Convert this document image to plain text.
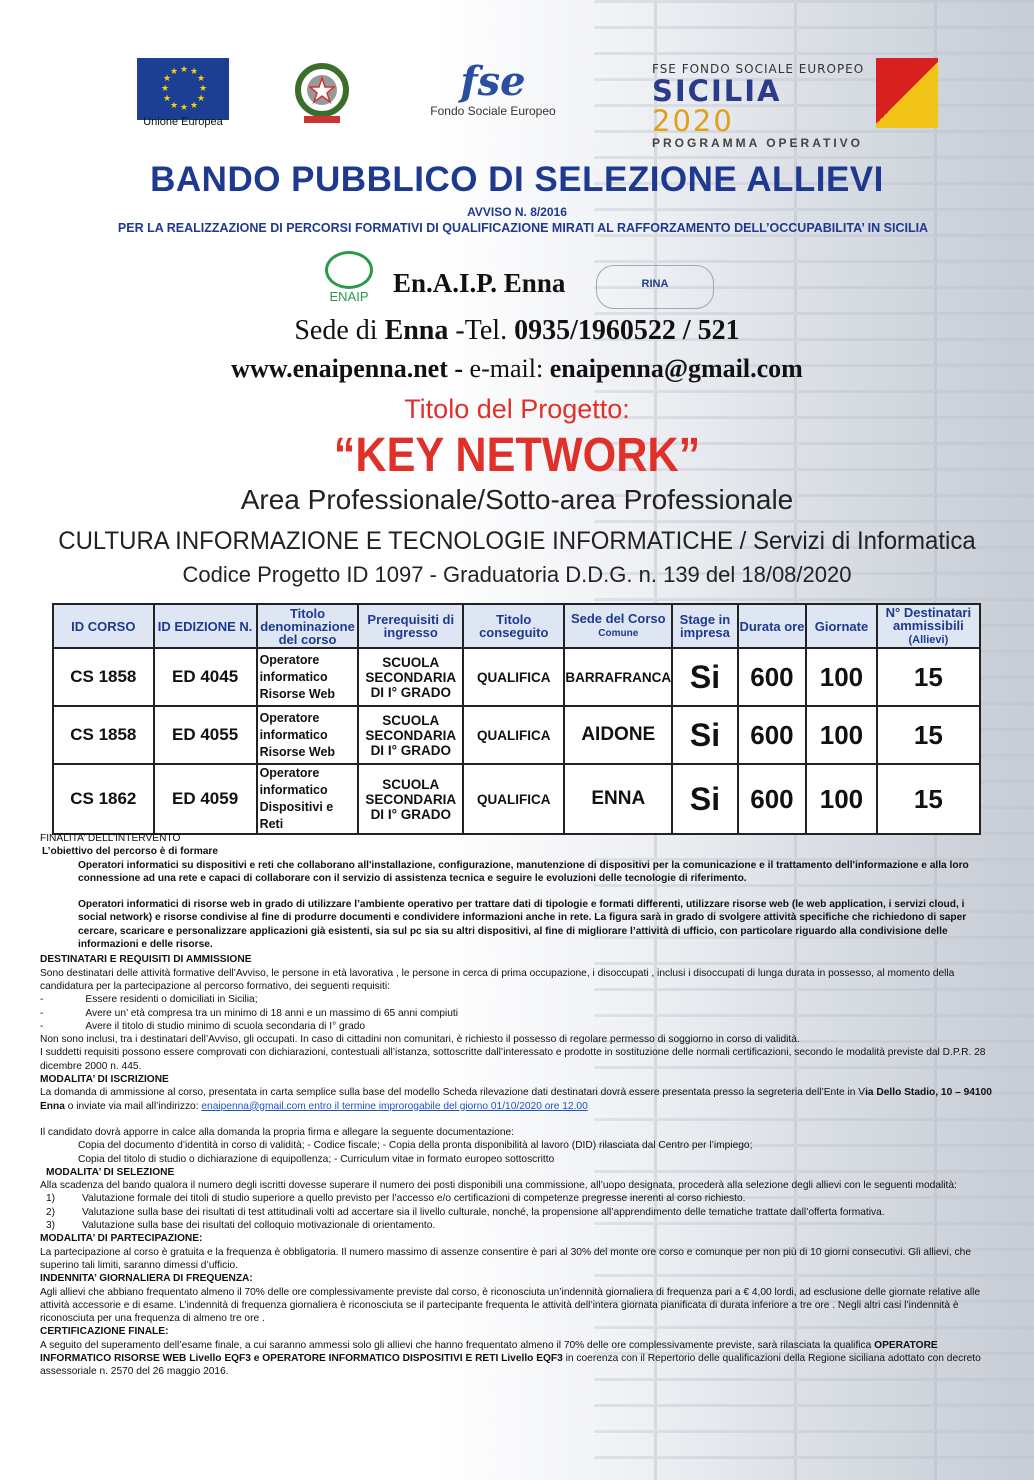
★ ★
★
★
★
★
★
★
★
★
★
★
Unione Europea
fse
Fondo Sociale Europeo
FSE FONDO SOCIALE EUROPEO
SICILIA 2020
PROGRAMMA OPERATIVO
BANDO PUBBLICO DI SELEZIONE ALLIEVI
AVVISO N. 8/2016
PER LA REALIZZAZIONE DI PERCORSI FORMATIVI DI QUALIFICAZIONE MIRATI AL RAFFORZAMENTO DELL’OCCUPABILITA’ IN SICILIA
ENAIP En.A.I.P. Enna	RINA
Sede di Enna -Tel. 0935/1960522 / 521
www.enaipenna.net - e-mail: enaipenna@gmail.com
Titolo del Progetto:
“KEY NETWORK”
Area Professionale/Sotto-area Professionale
CULTURA INFORMAZIONE E TECNOLOGIE INFORMATICHE / Servizi di Informatica
Codice Progetto ID 1097 - Graduatoria D.D.G. n. 139 del 18/08/2020
ID CORSO	ID EDIZIONE N.	Titolo denominazione del corso	Prerequisiti di ingresso	Titolo conseguito	Sede del Corso
Comune	Stage in impresa	Durata ore	Giornate	N° Destinatari ammissibili
(Allievi)
CS 1858	ED 4045	Operatore informatico Risorse Web	SCUOLA SECONDARIA DI I° GRADO	QUALIFICA	BARRAFRANCA	Si	600	100	15
CS 1858	ED 4055	Operatore informatico Risorse Web	SCUOLA SECONDARIA DI I° GRADO	QUALIFICA	AIDONE	Si	600	100	15
CS 1862	ED 4059	Operatore informatico Dispositivi e Reti	SCUOLA SECONDARIA DI I° GRADO	QUALIFICA	ENNA	Si	600	100	15

FINALITA’ DELL’INTERVENTO

L’obiettivo del percorso è di formare

Operatori informatici su dispositivi e reti che collaborano all'installazione, configurazione, manutenzione di dispositivi per la comunicazione e il trattamento dell'informazione e alla loro connessione ad una rete e capaci di collaborare con il servizio di assistenza tecnica e seguire le evoluzioni delle tecnologie di riferimento.

Operatori informatici di risorse web in grado di utilizzare l’ambiente operativo per trattare dati di tipologie e formati differenti, utilizzare risorse web (le web application, i servizi cloud, i social network) e risorse condivise al fine di produrre documenti e condividere informazioni anche in rete. La figura sarà in grado di svolgere attività specifiche che richiedono di saper cercare, scaricare e personalizzare applicazioni già esistenti, sia sul pc sia su altri dispositivi, al fine di migliorare l’attività di ufficio, con particolare riguardo alla condivisione delle informazioni e delle risorse.

DESTINATARI E REQUISITI DI AMMISSIONE

Sono destinatari delle attività formative dell’Avviso, le persone in età lavorativa , le persone in cerca di prima occupazione, i disoccupati , inclusi i disoccupati di lunga durata in possesso, al momento della candidatura per la partecipazione al percorso formativo, dei seguenti requisiti:

-	Essere residenti o domiciliati in Sicilia;

-	Avere un’ età compresa tra un minimo di 18 anni e un massimo di 65 anni compiuti

-	Avere il titolo di studio minimo di scuola secondaria di I° grado

Non sono inclusi, tra i destinatari dell’Avviso, gli occupati. In caso di cittadini non comunitari, è richiesto il possesso di regolare permesso di soggiorno in corso di validità.

I suddetti requisiti possono essere comprovati con dichiarazioni, contestuali all’istanza, sottoscritte dall’interessato e prodotte in sostituzione delle normali certificazioni, secondo le modalità previste dal D.P.R. 28 dicembre 2000 n. 445.

MODALITA’ DI ISCRIZIONE

La domanda di ammissione al corso, presentata in carta semplice sulla base del modello Scheda rilevazione dati destinatari dovrà essere presentata presso la segreteria dell’Ente in Via Dello Stadio, 10 – 94100 Enna o inviate via mail all’indirizzo: enaipenna@gmail.com entro il termine improrogabile del giorno 01/10/2020 ore 12.00

Il candidato dovrà apporre in calce alla domanda la propria firma e allegare la seguente documentazione:

Copia del documento d’identità in corso di validità; - Codice fiscale; - Copia della pronta disponibilità al lavoro (DID) rilasciata dal Centro per l’impiego;

Copia del titolo di studio o dichiarazione di equipollenza; - Curriculum vitae in formato europeo sottoscritto

MODALITA’ DI SELEZIONE

Alla scadenza del bando qualora il numero degli iscritti dovesse superare il numero dei posti disponibili una commissione, all’uopo designata, procederà alla selezione degli allievi con le seguenti modalità:

1)	Valutazione formale dei titoli di studio superiore a quello previsto per l’accesso e/o certificazioni di competenze pregresse inerenti al corso richiesto.

2)	Valutazione sulla base dei risultati di test attitudinali volti ad accertare sia il livello culturale, nonché, la propensione all’apprendimento delle tematiche trattate dall’offerta formativa.

3)	Valutazione sulla base dei risultati del colloquio motivazionale di orientamento.

MODALITA’ DI PARTECIPAZIONE:

La partecipazione al corso è gratuita e la frequenza è obbligatoria. Il numero massimo di assenze consentire è pari al 30% del monte ore corso e comunque per non più di 10 giorni consecutivi. Gli allievi, che superino tali limiti, saranno dimessi d’ufficio.

INDENNITA’ GIORNALIERA DI FREQUENZA:

Agli allievi che abbiano frequentato almeno il 70% delle ore complessivamente previste dal corso, è riconosciuta un’indennità giornaliera di frequenza pari a € 4,00 lordi, ad esclusione delle giornate relative alle attività accessorie e di esame. L’indennità di frequenza giornaliera è riconosciuta se il partecipante frequenta le attività dell’intera giornata pianificata di durata inferiore a tre ore . Negli altri casi l’indennità è riconosciuta per una frequenza di almeno tre ore .

CERTIFICAZIONE FINALE:

A seguito del superamento dell’esame finale, a cui saranno ammessi solo gli allievi che hanno frequentato almeno il 70% delle ore complessivamente previste, sarà rilasciata la qualifica OPERATORE INFORMATICO RISORSE WEB Livello EQF3 e OPERATORE INFORMATICO DISPOSITIVI E RETI Livello EQF3 in coerenza con il Repertorio delle qualificazioni della Regione siciliana adottato con decreto assessoriale n. 2570 del 26 maggio 2016.
